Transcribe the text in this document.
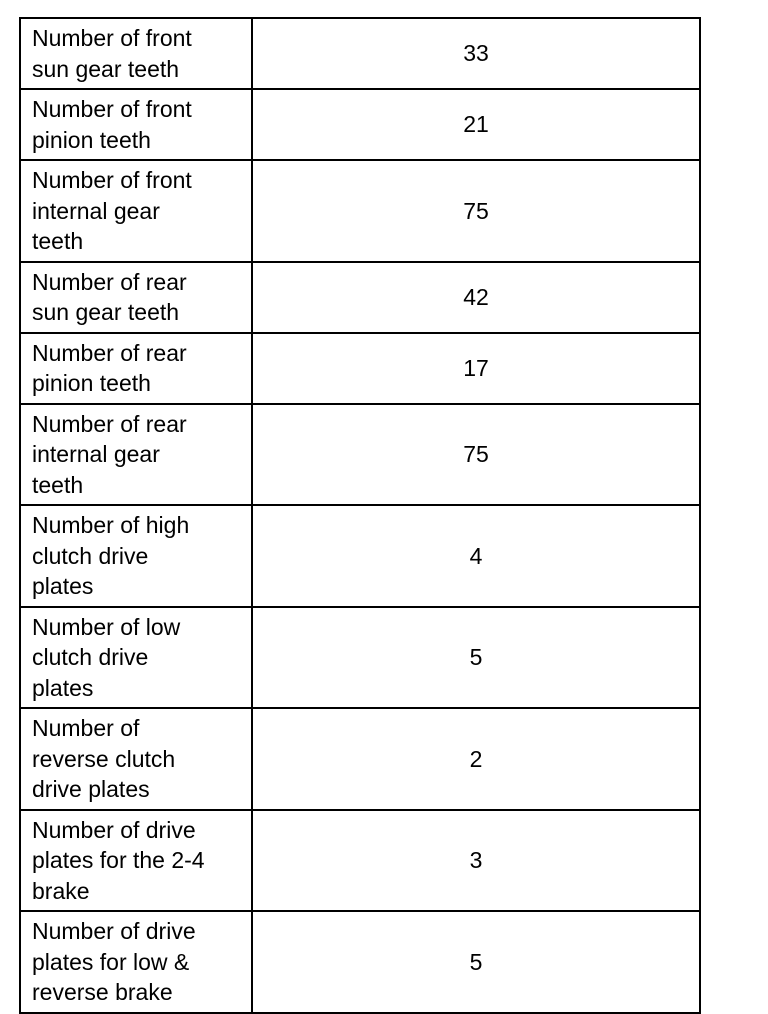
Number of front
sun gear teeth	33

Number of front
pinion teeth	21

Number of front
internal gear
teeth	75

Number of rear
sun gear teeth	42

Number of rear
pinion teeth	17

Number of rear
internal gear
teeth	75

Number of high
clutch drive
plates	4

Number of low
clutch drive
plates	5

Number of
reverse clutch
drive plates	2

Number of drive
plates for the 2-4
brake	3

Number of drive
plates for low &
reverse brake	5
